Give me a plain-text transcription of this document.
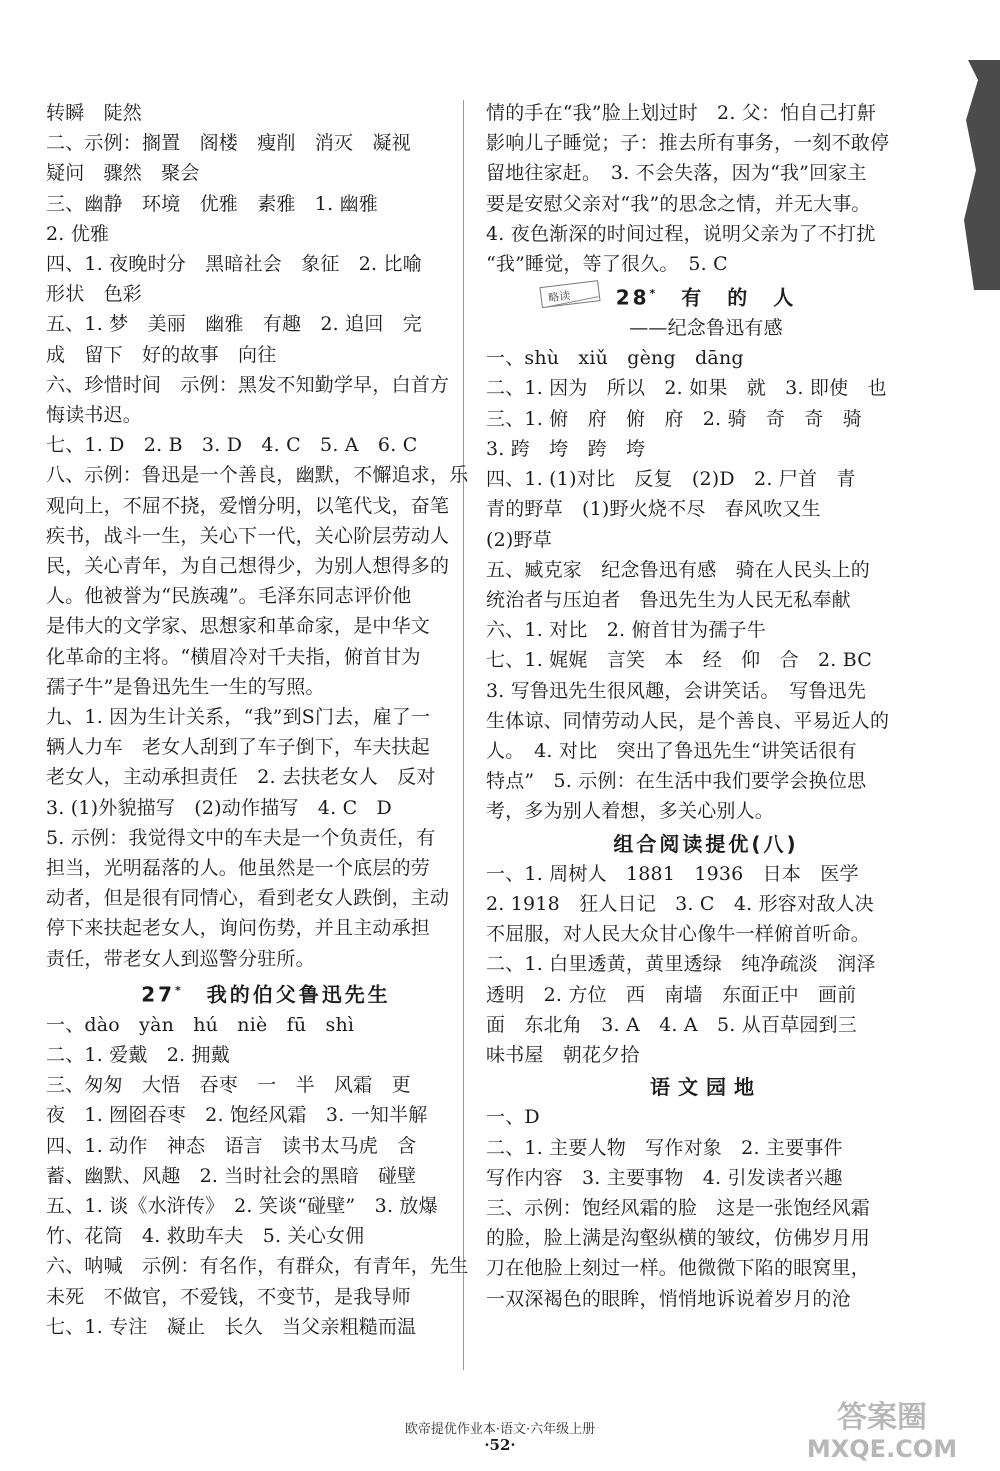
转瞬　陡然
二、示例：搁置　阁楼　瘦削　消灭　凝视
疑问　骤然　聚会
三、幽静　环境　优雅　素雅　1. 幽雅
2. 优雅
四、1. 夜晚时分　黑暗社会　象征　2. 比喻
形状　色彩
五、1. 梦　美丽　幽雅　有趣　2. 追回　完
成　留下　好的故事　向往
六、珍惜时间　示例：黑发不知勤学早，白首方
悔读书迟。
七、1. D　2. B　3. D　4. C　5. A　6. C
八、示例：鲁迅是一个善良，幽默，不懈追求，乐
观向上，不屈不挠，爱憎分明，以笔代戈，奋笔
疾书，战斗一生，关心下一代，关心阶层劳动人
民，关心青年，为自己想得少，为别人想得多的
人。他被誉为“民族魂”。毛泽东同志评价他
是伟大的文学家、思想家和革命家，是中华文
化革命的主将。“横眉冷对千夫指，俯首甘为
孺子牛”是鲁迅先生一生的写照。
九、1. 因为生计关系，“我”到S门去，雇了一
辆人力车　老女人刮到了车子倒下，车夫扶起
老女人，主动承担责任　2. 去扶老女人　反对
3. (1)外貌描写　(2)动作描写　4. C　D
5. 示例：我觉得文中的车夫是一个负责任，有
担当，光明磊落的人。他虽然是一个底层的劳
动者，但是很有同情心，看到老女人跌倒，主动
停下来扶起老女人，询问伤势，并且主动承担
责任，带老女人到巡警分驻所。
27*　 我的伯父鲁迅先生
一、dào　yàn　hú　niè　fū　shì
二、1. 爱戴　2. 拥戴
三、匆匆　大悟　吞枣　一　半　风霜　更
夜　1. 囫囵吞枣　2. 饱经风霜　3. 一知半解
四、1. 动作　神态　语言　读书太马虎　含
蓄、幽默、风趣　2. 当时社会的黑暗　碰壁
五、1. 谈《水浒传》　2. 笑谈“碰壁”　3. 放爆
竹、花筒　4. 救助车夫　5. 关心女佣
六、呐喊　示例：有名作，有群众，有青年，先生
未死　不做官，不爱钱，不变节，是我导师
七、1. 专注　凝止　长久　当父亲粗糙而温
情的手在“我”脸上划过时　2. 父：怕自己打鼾
影响儿子睡觉；子：推去所有事务，一刻不敢停
留地往家赶。　3. 不会失落，因为“我”回家主
要是安慰父亲对“我”的思念之情，并无大事。
4. 夜色渐深的时间过程，说明父亲为了不打扰
“我”睡觉，等了很久。　5. C
略读	28*　 有　的　人
——纪念鲁迅有感
一、shù　xiǔ　gèng　dāng
二、1. 因为　所以　2. 如果　就　3. 即使　也
三、1. 俯　府　俯　府　2. 骑　奇　奇　骑
3. 跨　垮　跨　垮
四、1. (1)对比　反复　(2)D　2. 尸首　青
青的野草　(1)野火烧不尽　春风吹又生
(2)野草
五、臧克家　纪念鲁迅有感　骑在人民头上的
统治者与压迫者　鲁迅先生为人民无私奉献
六、1. 对比　2. 俯首甘为孺子牛
七、1. 娓娓　言笑　本　经　仰　合　2. BC
3. 写鲁迅先生很风趣，会讲笑话。　写鲁迅先
生体谅、同情劳动人民，是个善良、平易近人的
人。　4. 对比　突出了鲁迅先生“讲笑话很有
特点”　5. 示例：在生活中我们要学会换位思
考，多为别人着想，多关心别人。
组合阅读提优(八)
一、1. 周树人　1881　1936　日本　医学
2. 1918　狂人日记　3. C　4. 形容对敌人决
不屈服，对人民大众甘心像牛一样俯首听命。
二、1. 白里透黄，黄里透绿　纯净疏淡　润泽
透明　2. 方位　西　南墙　东面正中　画前
面　东北角　3. A　4. A　5. 从百草园到三
味书屋　朝花夕拾
语文园地
一、D
二、1. 主要人物　写作对象　2. 主要事件
写作内容　3. 主要事物　4. 引发读者兴趣
三、示例：饱经风霜的脸　这是一张饱经风霜
的脸，脸上满是沟壑纵横的皱纹，仿佛岁月用
刀在他脸上刻过一样。他微微下陷的眼窝里，
一双深褐色的眼眸，悄悄地诉说着岁月的沧
欧帝提优作业本·语文·六年级上册
·52·
答案圈
MXQE.COM
